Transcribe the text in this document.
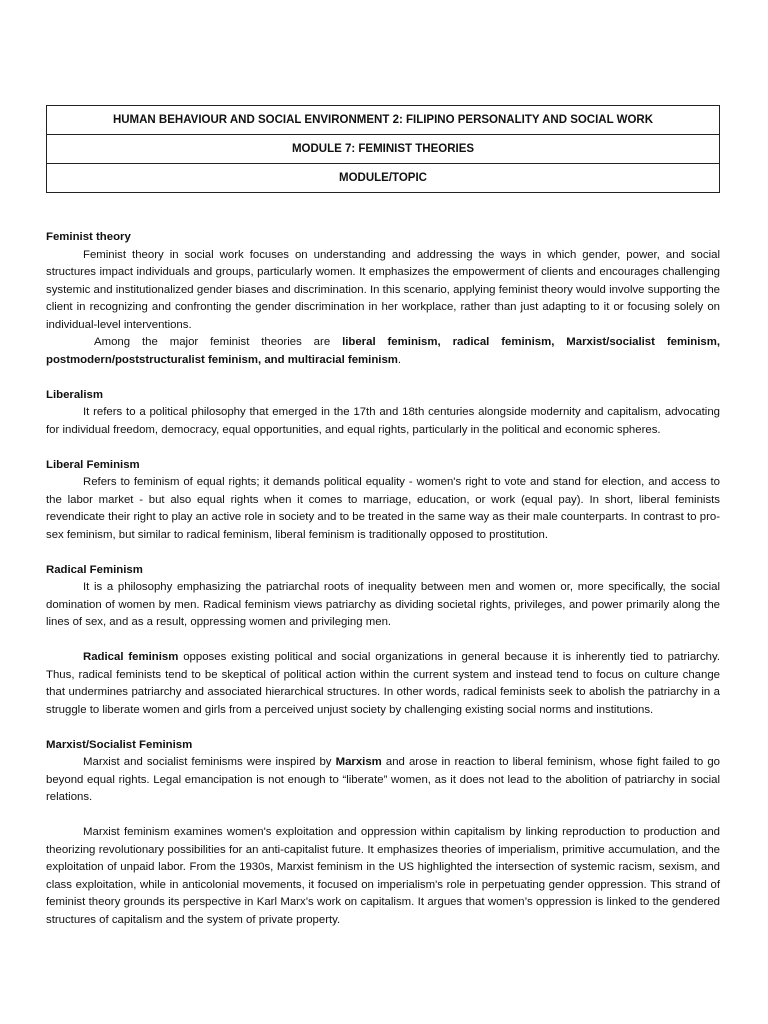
HUMAN BEHAVIOUR AND SOCIAL ENVIRONMENT 2: FILIPINO PERSONALITY AND SOCIAL WORK
MODULE 7: FEMINIST THEORIES
MODULE/TOPIC

Feminist theory

Feminist theory in social work focuses on understanding and addressing the ways in which gender, power, and social structures impact individuals and groups, particularly women. It emphasizes the empowerment of clients and encourages challenging systemic and institutionalized gender biases and discrimination. In this scenario, applying feminist theory would involve supporting the client in recognizing and confronting the gender discrimination in her workplace, rather than just adapting to it or focusing solely on individual-level interventions.

Among the major feminist theories are liberal feminism, radical feminism, Marxist/socialist feminism, postmodern/poststructuralist feminism, and multiracial feminism.

Liberalism

It refers to a political philosophy that emerged in the 17th and 18th centuries alongside modernity and capitalism, advocating for individual freedom, democracy, equal opportunities, and equal rights, particularly in the political and economic spheres.

Liberal Feminism

Refers to feminism of equal rights; it demands political equality - women's right to vote and stand for election, and access to the labor market - but also equal rights when it comes to marriage, education, or work (equal pay). In short, liberal feminists revendicate their right to play an active role in society and to be treated in the same way as their male counterparts. In contrast to pro-sex feminism, but similar to radical feminism, liberal feminism is traditionally opposed to prostitution.

Radical Feminism

It is a philosophy emphasizing the patriarchal roots of inequality between men and women or, more specifically, the social domination of women by men. Radical feminism views patriarchy as dividing societal rights, privileges, and power primarily along the lines of sex, and as a result, oppressing women and privileging men.

Radical feminism opposes existing political and social organizations in general because it is inherently tied to patriarchy. Thus, radical feminists tend to be skeptical of political action within the current system and instead tend to focus on culture change that undermines patriarchy and associated hierarchical structures. In other words, radical feminists seek to abolish the patriarchy in a struggle to liberate women and girls from a perceived unjust society by challenging existing social norms and institutions.

Marxist/Socialist Feminism

Marxist and socialist feminisms were inspired by Marxism and arose in reaction to liberal feminism, whose fight failed to go beyond equal rights. Legal emancipation is not enough to “liberate” women, as it does not lead to the abolition of patriarchy in social relations.

Marxist feminism examines women's exploitation and oppression within capitalism by linking reproduction to production and theorizing revolutionary possibilities for an anti-capitalist future. It emphasizes theories of imperialism, primitive accumulation, and the exploitation of unpaid labor. From the 1930s, Marxist feminism in the US highlighted the intersection of systemic racism, sexism, and class exploitation, while in anticolonial movements, it focused on imperialism's role in perpetuating gender oppression. This strand of feminist theory grounds its perspective in Karl Marx’s work on capitalism. It argues that women’s oppression is linked to the gendered structures of capitalism and the system of private property.
